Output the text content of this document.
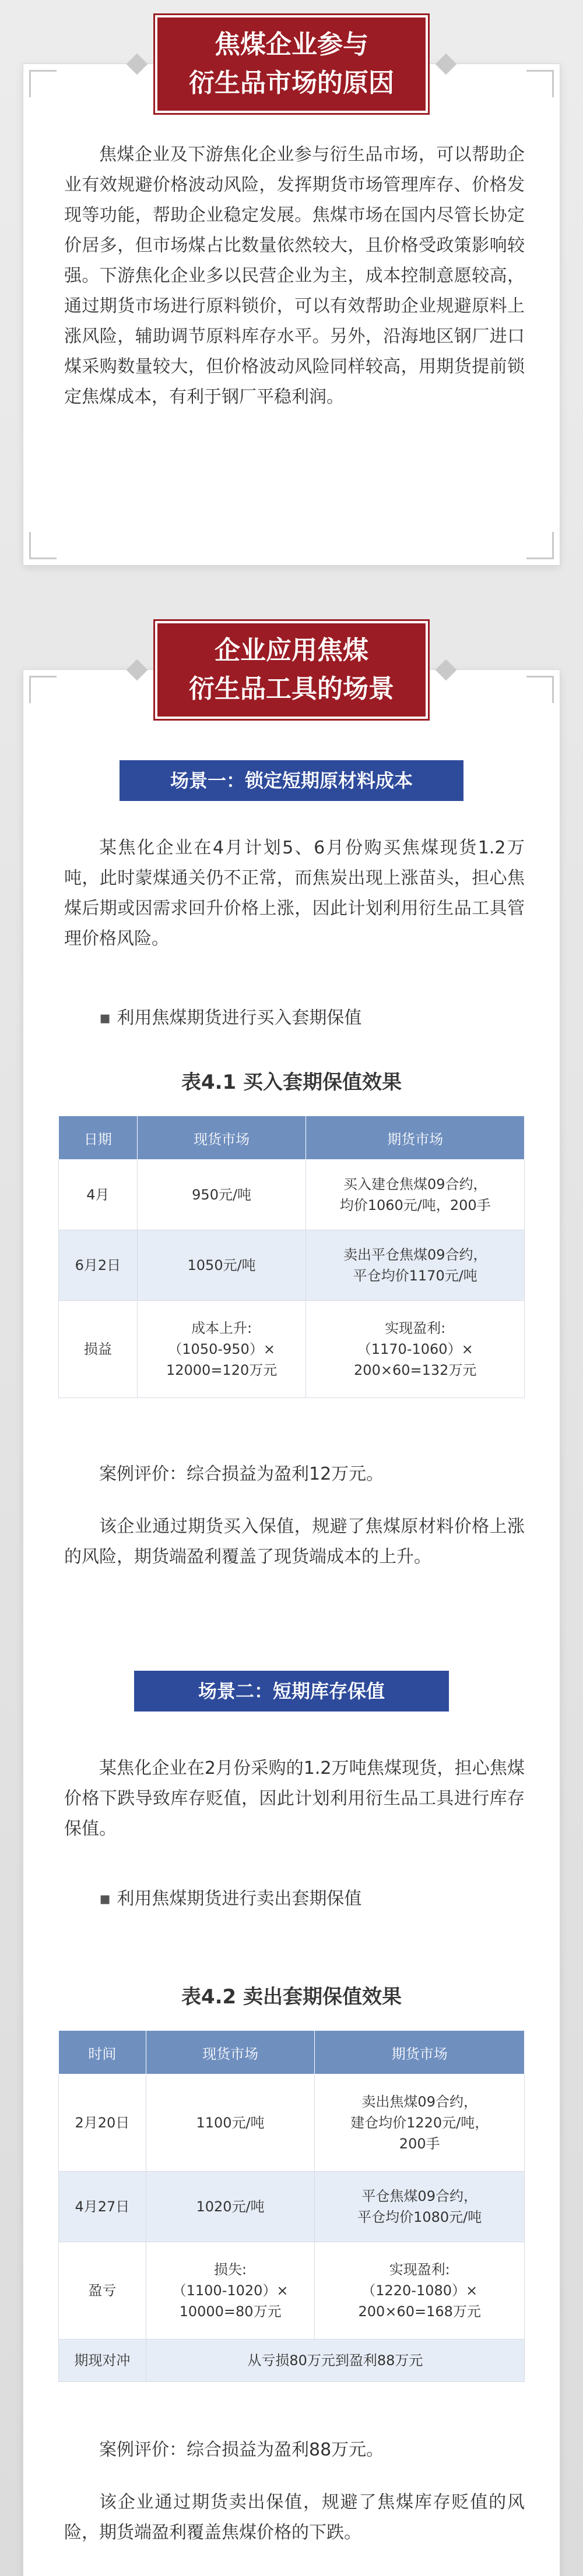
焦煤企业参与
衍生品市场的原因

焦煤企业及下游焦化企业参与衍生品市场，可以帮助企业有效规避价格波动风险，发挥期货市场管理库存、价格发现等功能，帮助企业稳定发展。焦煤市场在国内尽管长协定价居多，但市场煤占比数量依然较大，且价格受政策影响较强。下游焦化企业多以民营企业为主，成本控制意愿较高，通过期货市场进行原料锁价，可以有效帮助企业规避原料上涨风险，辅助调节原料库存水平。另外，沿海地区钢厂进口煤采购数量较大，但价格波动风险同样较高，用期货提前锁定焦煤成本，有利于钢厂平稳利润。

企业应用焦煤
衍生品工具的场景
场景一：锁定短期原材料成本

某焦化企业在4月计划5、6月份购买焦煤现货1.2万吨，此时蒙煤通关仍不正常，而焦炭出现上涨苗头，担心焦煤后期或因需求回升价格上涨，因此计划利用衍生品工具管理价格风险。

▪ 利用焦煤期货进行买入套期保值
表4.1 买入套期保值效果
日期	现货市场	期货市场
4月	950元/吨	买入建仓焦煤09合约，
均价1060元/吨，200手

6月2日	1050元/吨	卖出平仓焦煤09合约，
平仓均价1170元/吨

损益	成本上升:
（1050-950）×
12000=120万元	实现盈利:
（1170-1060）×
200×60=132万元

案例评价：综合损益为盈利12万元。

该企业通过期货买入保值，规避了焦煤原材料价格上涨的风险，期货端盈利覆盖了现货端成本的上升。

场景二：短期库存保值

某焦化企业在2月份采购的1.2万吨焦煤现货，担心焦煤价格下跌导致库存贬值，因此计划利用衍生品工具进行库存保值。

▪ 利用焦煤期货进行卖出套期保值
表4.2 卖出套期保值效果
时间	现货市场	期货市场
2月20日	1100元/吨	卖出焦煤09合约，
建仓均价1220元/吨，
200手

4月27日	1020元/吨	平仓焦煤09合约，
平仓均价1080元/吨

盈亏	损失:
（1100-1020）×
10000=80万元	实现盈利:
（1220-1080）×
200×60=168万元

期现对冲	从亏损80万元到盈利88万元	

案例评价：综合损益为盈利88万元。

该企业通过期货卖出保值，规避了焦煤库存贬值的风险，期货端盈利覆盖焦煤价格的下跌。
